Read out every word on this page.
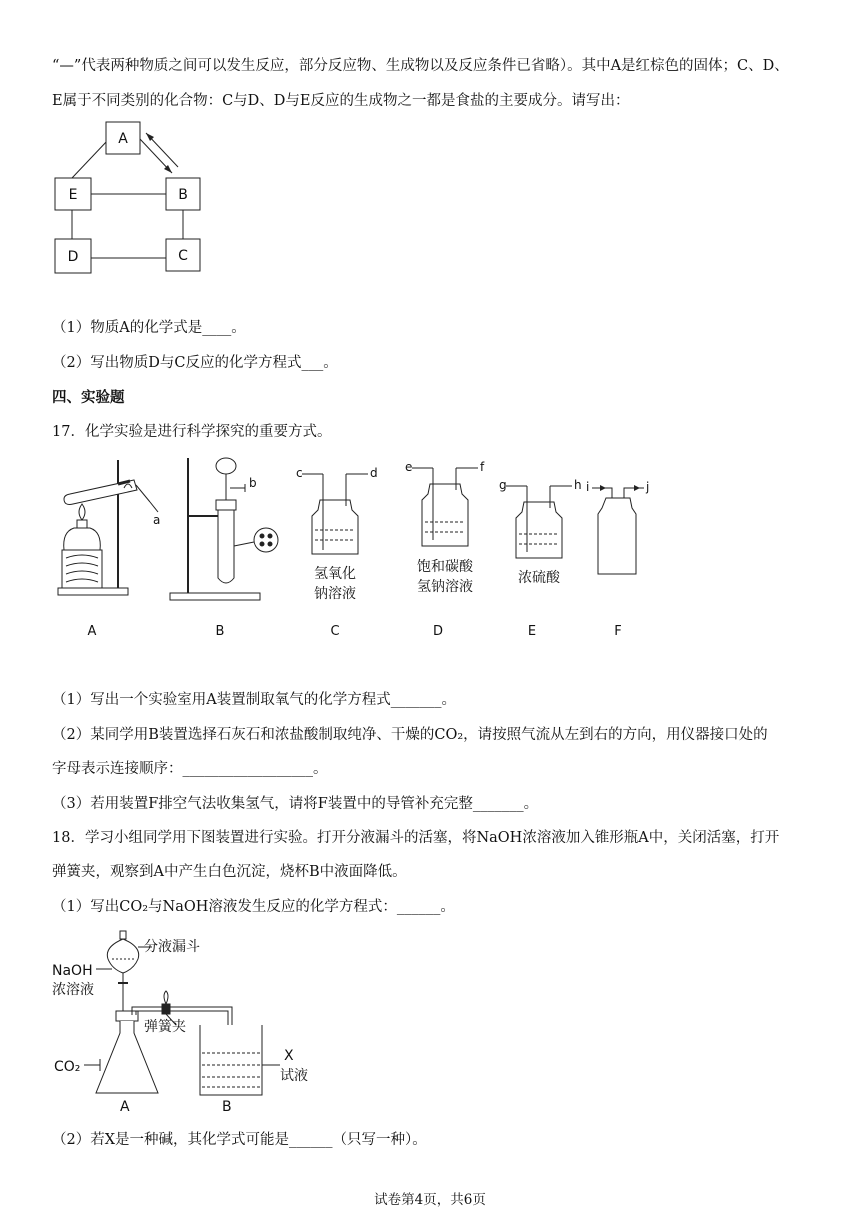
“—”代表两种物质之间可以发生反应，部分反应物、生成物以及反应条件已省略）。其中A是红棕色的固体；C、D、
E属于不同类别的化合物：C与D、D与E反应的生成物之一都是食盐的主要成分。请写出：
A
E	B
D	C
（1）物质A的化学式是____。
（2）写出物质D与C反应的化学方程式___。
四、实验题
17．化学实验是进行科学探究的重要方式。
a
b
c	d e	f
g	h i	j
氢氧化
钠溶液
饱和碳酸
氢钠溶液
浓硫酸
A	B	C	D	E	F
（1）写出一个实验室用A装置制取氧气的化学方程式_______。
（2）某同学用B装置选择石灰石和浓盐酸制取纯净、干燥的CO₂，请按照气流从左到右的方向，用仪器接口处的
字母表示连接顺序：__________________。
（3）若用装置F排空气法收集氢气，请将F装置中的导管补充完整_______。
18．学习小组同学用下图装置进行实验。打开分液漏斗的活塞，将NaOH浓溶液加入锥形瓶A中，关闭活塞，打开
弹簧夹，观察到A中产生白色沉淀，烧杯B中液面降低。
（1）写出CO₂与NaOH溶液发生反应的化学方程式：______。
分液漏斗
NaOH
浓溶液
弹簧夹
CO₂
X
试液
A	B
（2）若X是一种碱，其化学式可能是______（只写一种）。
试卷第4页，共6页
